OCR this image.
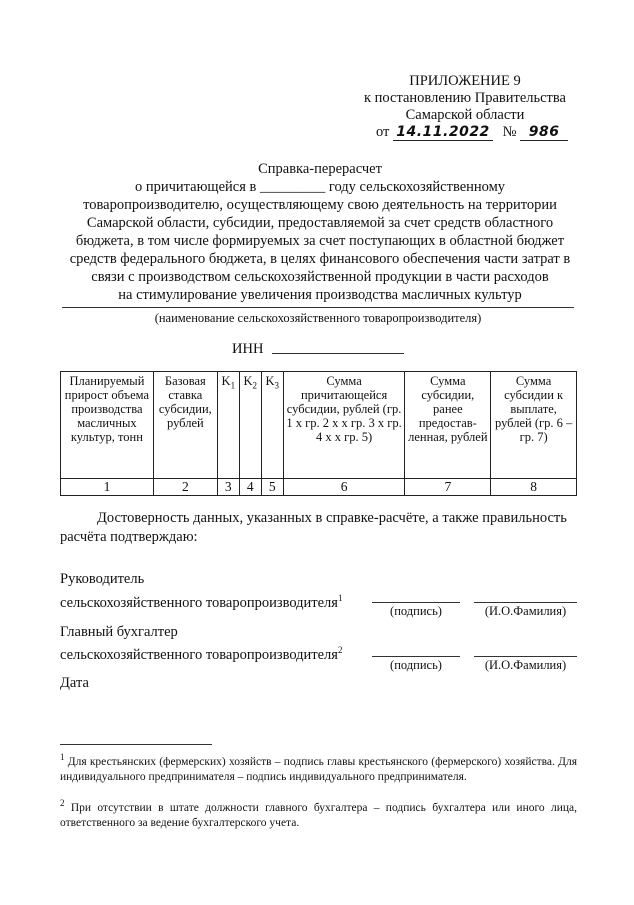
ПРИЛОЖЕНИЕ 9
к постановлению Правительства
Самарской области
от 14.11.2022 № 986
Справка-перерасчет
о причитающейся в _________ году сельскохозяйственному
товаропроизводителю, осуществляющему свою деятельность на территории
Самарской области, субсидии, предоставляемой за счет средств областного
бюджета, в том числе формируемых за счет поступающих в областной бюджет
средств федерального бюджета, в целях финансового обеспечения части затрат в
связи с производством сельскохозяйственной продукции в части расходов
на стимулирование увеличения производства масличных культур
(наименование сельскохозяйственного товаропроизводителя)
ИНН
Планируемый прирост объема производства масличных культур, тонн	Базовая ставка субсидии, рублей	$K_1$	$K_2$	$K_3$	Сумма причитающейся субсидии, рублей (гр. 1 х гр. 2 х х гр. 3 х гр. 4 х х гр. 5)	Сумма субсидии, ранее предостав-ленная, рублей	Сумма субсидии к выплате, рублей (гр. 6 – гр. 7)
1	2	3	4	5	6	7	8
Достоверность данных, указанных в справке-расчёте, а также правильность
расчёта подтверждаю:
Руководитель
сельскохозяйственного товаропроизводителя$^1$
(подпись)	(И.О.Фамилия)
Главный бухгалтер
сельскохозяйственного товаропроизводителя$^2$
(подпись)	(И.О.Фамилия)
Дата
$^1$ Для крестьянских (фермерских) хозяйств – подпись главы крестьянского (фермерского) хозяйства. Для индивидуального предпринимателя – подпись индивидуального предпринимателя.
$^2$ При отсутствии в штате должности главного бухгалтера – подпись бухгалтера или иного лица, ответственного за ведение бухгалтерского учета.
